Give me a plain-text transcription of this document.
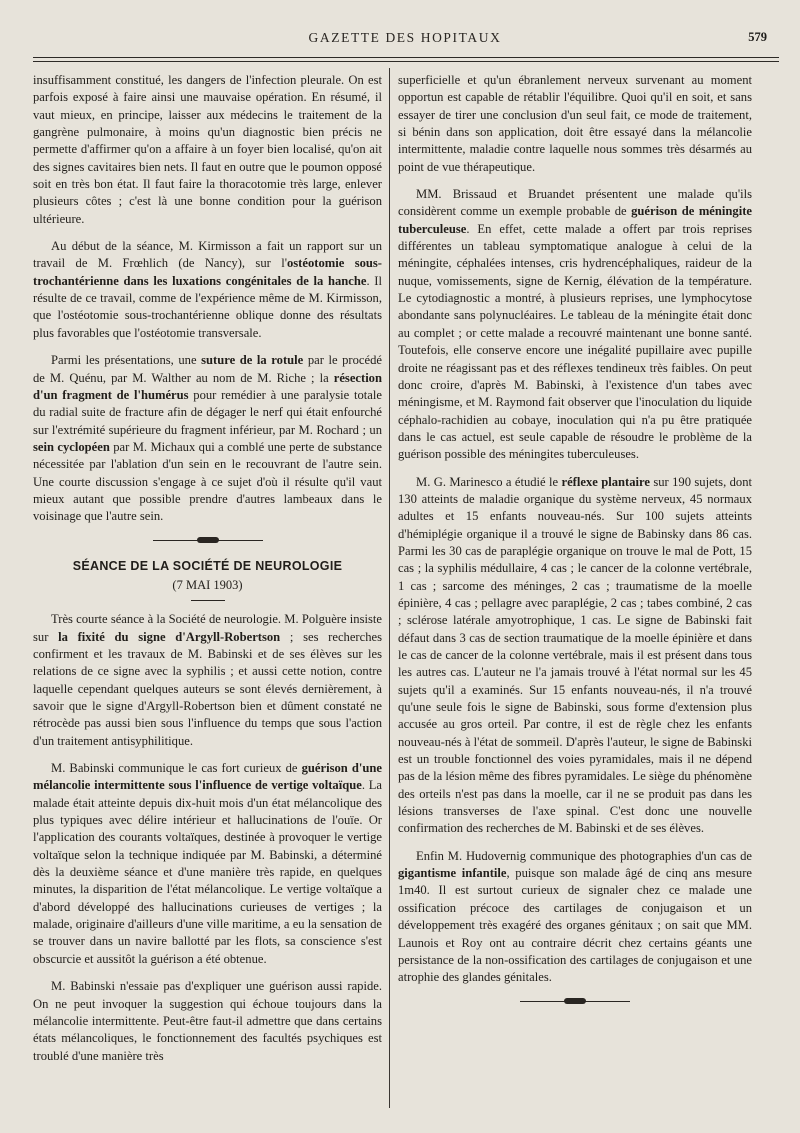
GAZETTE DES HOPITAUX	579

insuffisamment constitué, les dangers de l'infection pleurale. On est parfois exposé à faire ainsi une mauvaise opération. En résumé, il vaut mieux, en principe, laisser aux médecins le traitement de la gangrène pulmonaire, à moins qu'un diagnostic bien précis ne permette d'affirmer qu'on a affaire à un foyer bien localisé, qu'on ait des signes cavitaires bien nets. Il faut en outre que le poumon opposé soit en très bon état. Il faut faire la thoracotomie très large, enlever plusieurs côtes ; c'est là une bonne condition pour la guérison ultérieure.

Au début de la séance, M. Kirmisson a fait un rapport sur un travail de M. Frœhlich (de Nancy), sur l'ostéotomie sous-trochantérienne dans les luxations congénitales de la hanche. Il résulte de ce travail, comme de l'expérience même de M. Kirmisson, que l'ostéotomie sous-trochantérienne oblique donne des résultats plus favorables que l'ostéotomie transversale.

Parmi les présentations, une suture de la rotule par le procédé de M. Quénu, par M. Walther au nom de M. Riche ; la résection d'un fragment de l'humérus pour remédier à une paralysie totale du radial suite de fracture afin de dégager le nerf qui était enfourché sur l'extrémité supérieure du fragment inférieur, par M. Rochard ; un sein cyclopéen par M. Michaux qui a comblé une perte de substance nécessitée par l'ablation d'un sein en le recouvrant de l'autre sein. Une courte discussion s'engage à ce sujet d'où il résulte qu'il vaut mieux autant que possible prendre d'autres lambeaux dans le voisinage que l'autre sein.

SÉANCE DE LA SOCIÉTÉ DE NEUROLOGIE
(7 MAI 1903)

Très courte séance à la Société de neurologie. M. Polguère insiste sur la fixité du signe d'Argyll-Robertson ; ses recherches confirment et les travaux de M. Babinski et de ses élèves sur les relations de ce signe avec la syphilis ; et aussi cette notion, contre laquelle cependant quelques auteurs se sont élevés dernièrement, à savoir que le signe d'Argyll-Robertson bien et dûment constaté ne rétrocède pas aussi bien sous l'influence du temps que sous l'action d'un traitement antisyphilitique.

M. Babinski communique le cas fort curieux de guérison d'une mélancolie intermittente sous l'influence de vertige voltaïque. La malade était atteinte depuis dix-huit mois d'un état mélancolique des plus typiques avec délire intérieur et hallucinations de l'ouïe. Or l'application des courants voltaïques, destinée à provoquer le vertige voltaïque selon la technique indiquée par M. Babinski, a déterminé dès la deuxième séance et d'une manière très rapide, en quelques minutes, la disparition de l'état mélancolique. Le vertige voltaïque a d'abord développé des hallucinations curieuses de vertiges ; la malade, originaire d'ailleurs d'une ville maritime, a eu la sensation de se trouver dans un navire ballotté par les flots, sa conscience s'est obscurcie et aussitôt la guérison a été obtenue.

M. Babinski n'essaie pas d'expliquer une guérison aussi rapide. On ne peut invoquer la suggestion qui échoue toujours dans la mélancolie intermittente. Peut-être faut-il admettre que dans certains états mélancoliques, le fonctionnement des facultés psychiques est troublé d'une manière très

superficielle et qu'un ébranlement nerveux survenant au moment opportun est capable de rétablir l'équilibre. Quoi qu'il en soit, et sans essayer de tirer une conclusion d'un seul fait, ce mode de traitement, si bénin dans son application, doit être essayé dans la mélancolie intermittente, maladie contre laquelle nous sommes très désarmés au point de vue thérapeutique.

MM. Brissaud et Bruandet présentent une malade qu'ils considèrent comme un exemple probable de guérison de méningite tuberculeuse. En effet, cette malade a offert par trois reprises différentes un tableau symptomatique analogue à celui de la méningite, céphalées intenses, cris hydrencéphaliques, raideur de la nuque, vomissements, signe de Kernig, élévation de la température. Le cytodiagnostic a montré, à plusieurs reprises, une lymphocytose abondante sans polynucléaires. Le tableau de la méningite était donc au complet ; or cette malade a recouvré maintenant une bonne santé. Toutefois, elle conserve encore une inégalité pupillaire avec pupille droite ne réagissant pas et des réflexes tendineux très faibles. On peut donc croire, d'après M. Babinski, à l'existence d'un tabes avec méningisme, et M. Raymond fait observer que l'inoculation du liquide céphalo-rachidien au cobaye, inoculation qui n'a pu être pratiquée dans le cas actuel, est seule capable de résoudre le problème de la guérison possible des méningites tuberculeuses.

M. G. Marinesco a étudié le réflexe plantaire sur 190 sujets, dont 130 atteints de maladie organique du système nerveux, 45 normaux adultes et 15 enfants nouveau-nés. Sur 100 sujets atteints d'hémiplégie organique il a trouvé le signe de Babinsky dans 86 cas. Parmi les 30 cas de paraplégie organique on trouve le mal de Pott, 15 cas ; la syphilis médullaire, 4 cas ; le cancer de la colonne vertébrale, 1 cas ; sarcome des méninges, 2 cas ; traumatisme de la moelle épinière, 4 cas ; pellagre avec paraplégie, 2 cas ; tabes combiné, 2 cas ; sclérose latérale amyotrophique, 1 cas. Le signe de Babinski fait défaut dans 3 cas de section traumatique de la moelle épinière et dans le cas de cancer de la colonne vertébrale, mais il est présent dans tous les autres cas. L'auteur ne l'a jamais trouvé à l'état normal sur les 45 sujets qu'il a examinés. Sur 15 enfants nouveau-nés, il n'a trouvé qu'une seule fois le signe de Babinski, sous forme d'extension plus accusée au gros orteil. Par contre, il est de règle chez les enfants nouveau-nés à l'état de sommeil. D'après l'auteur, le signe de Babinski est un trouble fonctionnel des voies pyramidales, mais il ne dépend pas de la lésion même des fibres pyramidales. Le siège du phénomène des orteils n'est pas dans la moelle, car il ne se produit pas dans les lésions transverses de l'axe spinal. C'est donc une nouvelle confirmation des recherches de M. Babinski et de ses élèves.

Enfin M. Hudovernig communique des photographies d'un cas de gigantisme infantile, puisque son malade âgé de cinq ans mesure 1m40. Il est surtout curieux de signaler chez ce malade une ossification précoce des cartilages de conjugaison et un développement très exagéré des organes génitaux ; on sait que MM. Launois et Roy ont au contraire décrit chez certains géants une persistance de la non-ossification des cartilages de conjugaison et une atrophie des glandes génitales.
